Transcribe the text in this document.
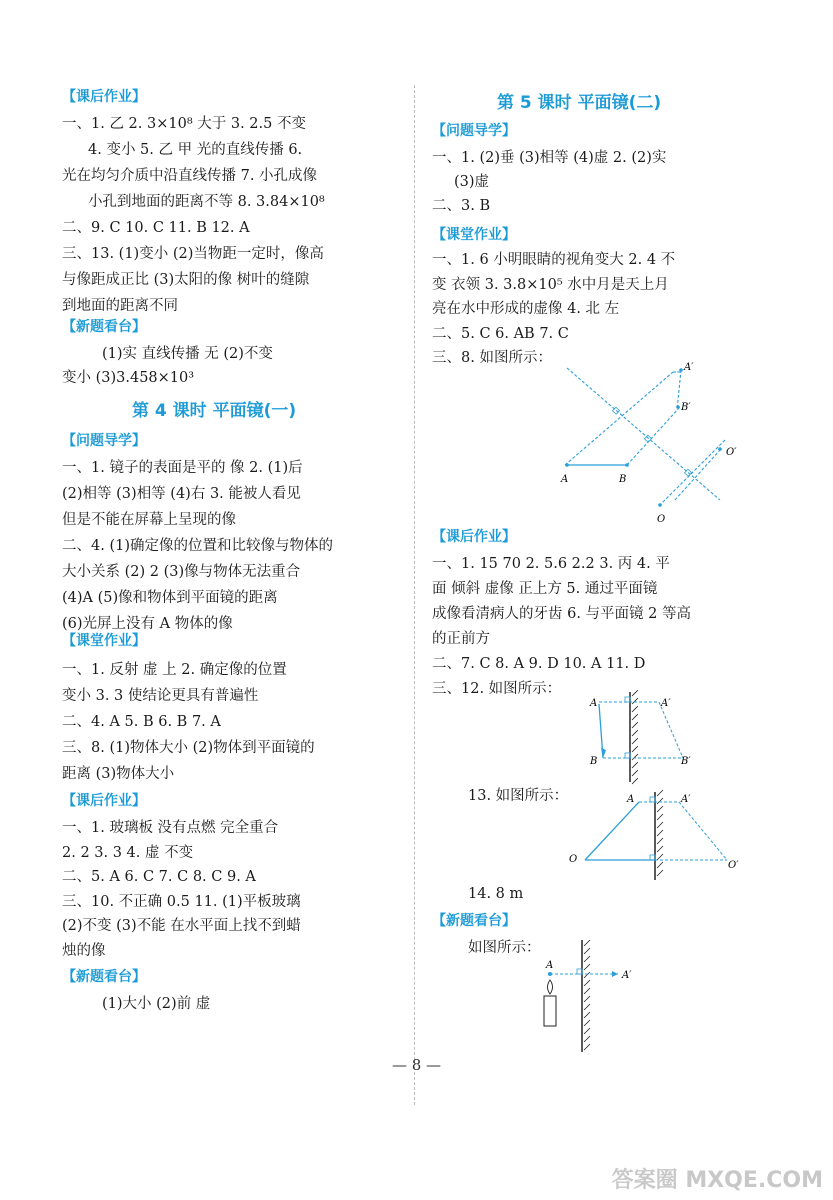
【课后作业】
一、1. 乙 2. 3×10⁸ 大于 3. 2.5 不变
4. 变小 5. 乙 甲 光的直线传播 6.
光在均匀介质中沿直线传播 7. 小孔成像
小孔到地面的距离不等 8. 3.84×10⁸
二、9. C 10. C 11. B 12. A
三、13. (1)变小 (2)当物距一定时，像高
与像距成正比 (3)太阳的像 树叶的缝隙
到地面的距离不同
【新题看台】
(1)实 直线传播 无 (2)不变
变小 (3)3.458×10³
第 4 课时 平面镜(一)
【问题导学】
一、1. 镜子的表面是平的 像 2. (1)后
(2)相等 (3)相等 (4)右 3. 能被人看见
但是不能在屏幕上呈现的像
二、4. (1)确定像的位置和比较像与物体的
大小关系 (2) 2 (3)像与物体无法重合
(4)A (5)像和物体到平面镜的距离
(6)光屏上没有 A 物体的像
【课堂作业】
一、1. 反射 虚 上 2. 确定像的位置
变小 3. 3 使结论更具有普遍性
二、4. A 5. B 6. B 7. A
三、8. (1)物体大小 (2)物体到平面镜的
距离 (3)物体大小
【课后作业】
一、1. 玻璃板 没有点燃 完全重合
2. 2 3. 3 4. 虚 不变
二、5. A 6. C 7. C 8. C 9. A
三、10. 不正确 0.5 11. (1)平板玻璃
(2)不变 (3)不能 在水平面上找不到蜡
烛的像
【新题看台】
(1)大小 (2)前 虚
第 5 课时 平面镜(二)
【问题导学】
一、1. (2)垂 (3)相等 (4)虚 2. (2)实
(3)虚
二、3. B
【课堂作业】
一、1. 6 小明眼睛的视角变大 2. 4 不
变 衣领 3. 3.8×10⁵ 水中月是天上月
亮在水中形成的虚像 4. 北 左
二、5. C 6. AB 7. C
三、8. 如图所示：
A′
B′
O′
A	B
O
【课后作业】
一、1. 15 70 2. 5.6 2.2 3. 丙 4. 平
面 倾斜 虚像 正上方 5. 通过平面镜
成像看清病人的牙齿 6. 与平面镜 2 等高
的正前方
二、7. C 8. A 9. D 10. A 11. D
三、12. 如图所示：
A	A′
B	B′
13. 如图所示：	A	A′
O
O′
14. 8 m
【新题看台】
如图所示：
A
A′
— 8 —
答案圈 MXQE.COM
